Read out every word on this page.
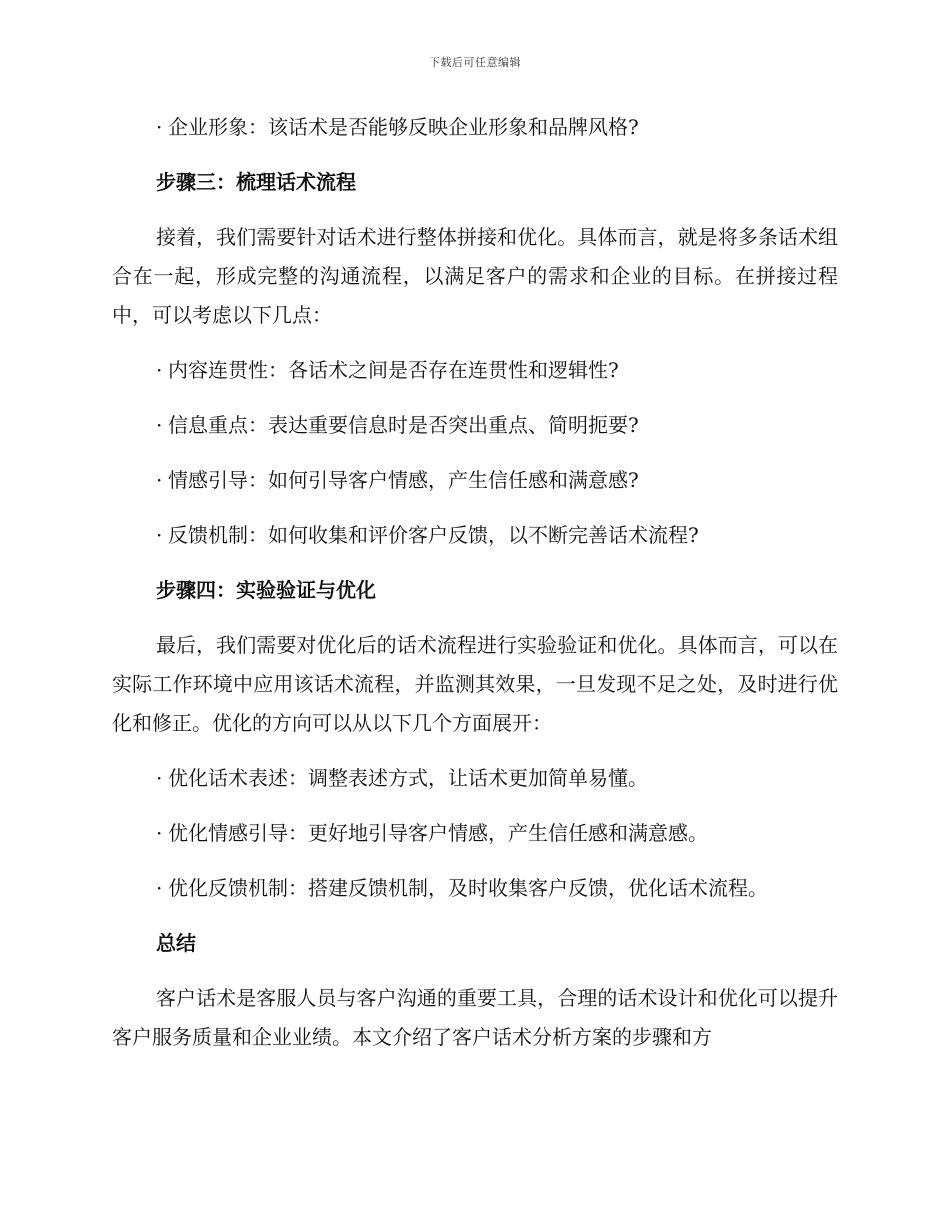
下载后可任意编辑
· 企业形象：该话术是否能够反映企业形象和品牌风格?
步骤三：梳理话术流程

接着，我们需要针对话术进行整体拼接和优化。具体而言，就是将多条话术组合在一起，形成完整的沟通流程，以满足客户的需求和企业的目标。在拼接过程中，可以考虑以下几点：

· 内容连贯性：各话术之间是否存在连贯性和逻辑性?
· 信息重点：表达重要信息时是否突出重点、简明扼要?
· 情感引导：如何引导客户情感，产生信任感和满意感?
· 反馈机制：如何收集和评价客户反馈，以不断完善话术流程?
步骤四：实验验证与优化

最后，我们需要对优化后的话术流程进行实验验证和优化。具体而言，可以在实际工作环境中应用该话术流程，并监测其效果，一旦发现不足之处，及时进行优化和修正。优化的方向可以从以下几个方面展开：

· 优化话术表述：调整表述方式，让话术更加简单易懂。
· 优化情感引导：更好地引导客户情感，产生信任感和满意感。
· 优化反馈机制：搭建反馈机制，及时收集客户反馈，优化话术流程。
总结

客户话术是客服人员与客户沟通的重要工具，合理的话术设计和优化可以提升客户服务质量和企业业绩。本文介绍了客户话术分析方案的步骤和方
